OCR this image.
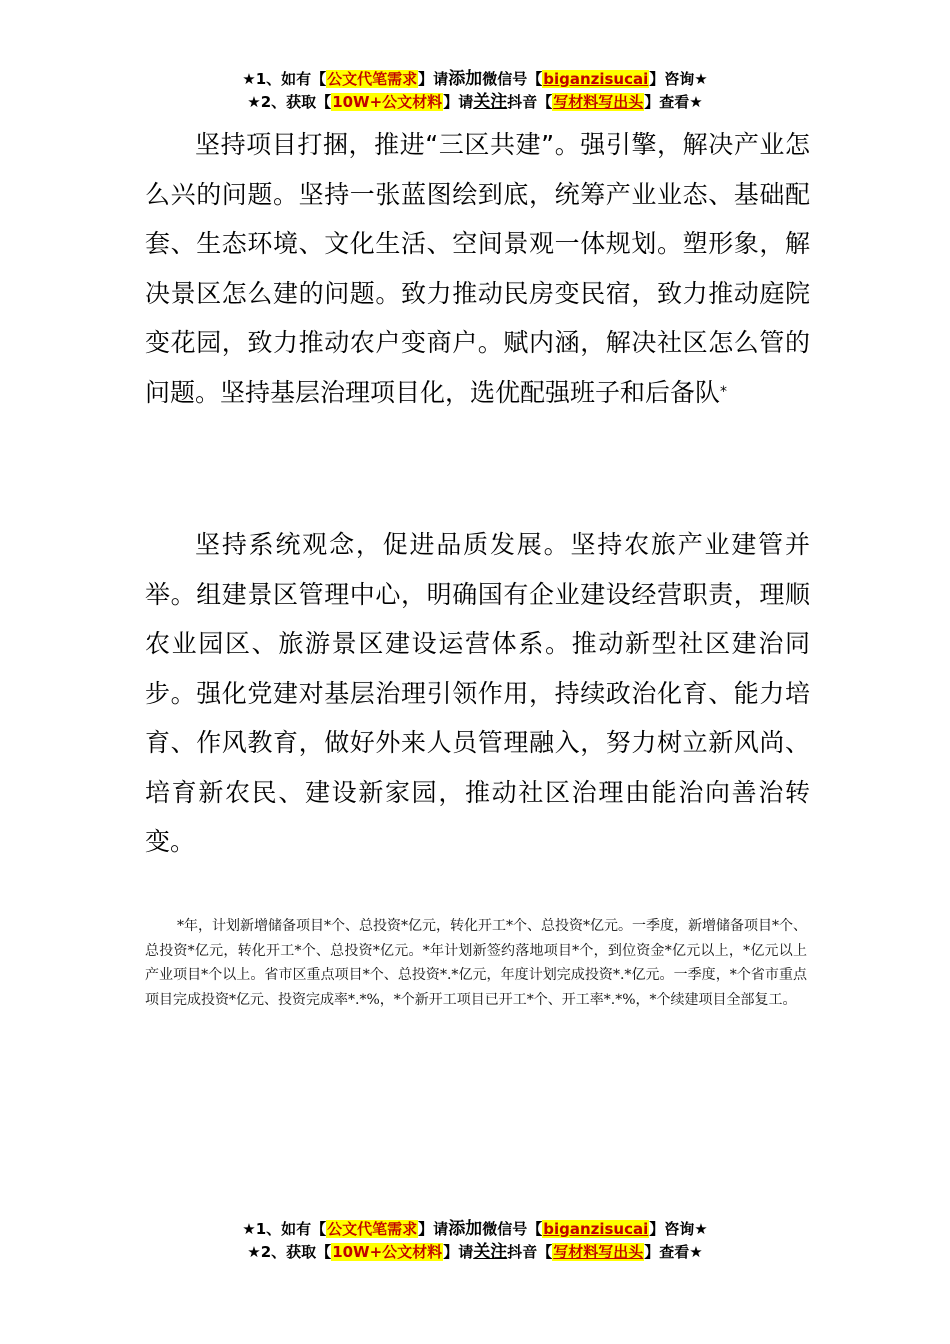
★1、如有【公文代笔需求】请添加微信号【biganzisucai】咨询★
★2、获取【10W+公文材料】请关注抖音【写材料写出头】查看★

坚持项目打捆，推进“三区共建”。强引擎，解决产业怎么兴的问题。坚持一张蓝图绘到底，统筹产业业态、基础配套、生态环境、文化生活、空间景观一体规划。塑形象，解决景区怎么建的问题。致力推动民房变民宿，致力推动庭院变花园，致力推动农户变商户。赋内涵，解决社区怎么管的问题。坚持基层治理项目化，选优配强班子和后备队*

坚持系统观念，促进品质发展。坚持农旅产业建管并举。组建景区管理中心，明确国有企业建设经营职责，理顺农业园区、旅游景区建设运营体系。推动新型社区建治同步。强化党建对基层治理引领作用，持续政治化育、能力培育、作风教育，做好外来人员管理融入，努力树立新风尚、培育新农民、建设新家园，推动社区治理由能治向善治转变。

*年，计划新增储备项目*个、总投资*亿元，转化开工*个、总投资*亿元。一季度，新增储备项目*个、总投资*亿元，转化开工*个、总投资*亿元。*年计划新签约落地项目*个，到位资金*亿元以上，*亿元以上产业项目*个以上。省市区重点项目*个、总投资*.*亿元，年度计划完成投资*.*亿元。一季度，*个省市重点项目完成投资*亿元、投资完成率*.*%，*个新开工项目已开工*个、开工率*.*%，*个续建项目全部复工。

★1、如有【公文代笔需求】请添加微信号【biganzisucai】咨询★
★2、获取【10W+公文材料】请关注抖音【写材料写出头】查看★
